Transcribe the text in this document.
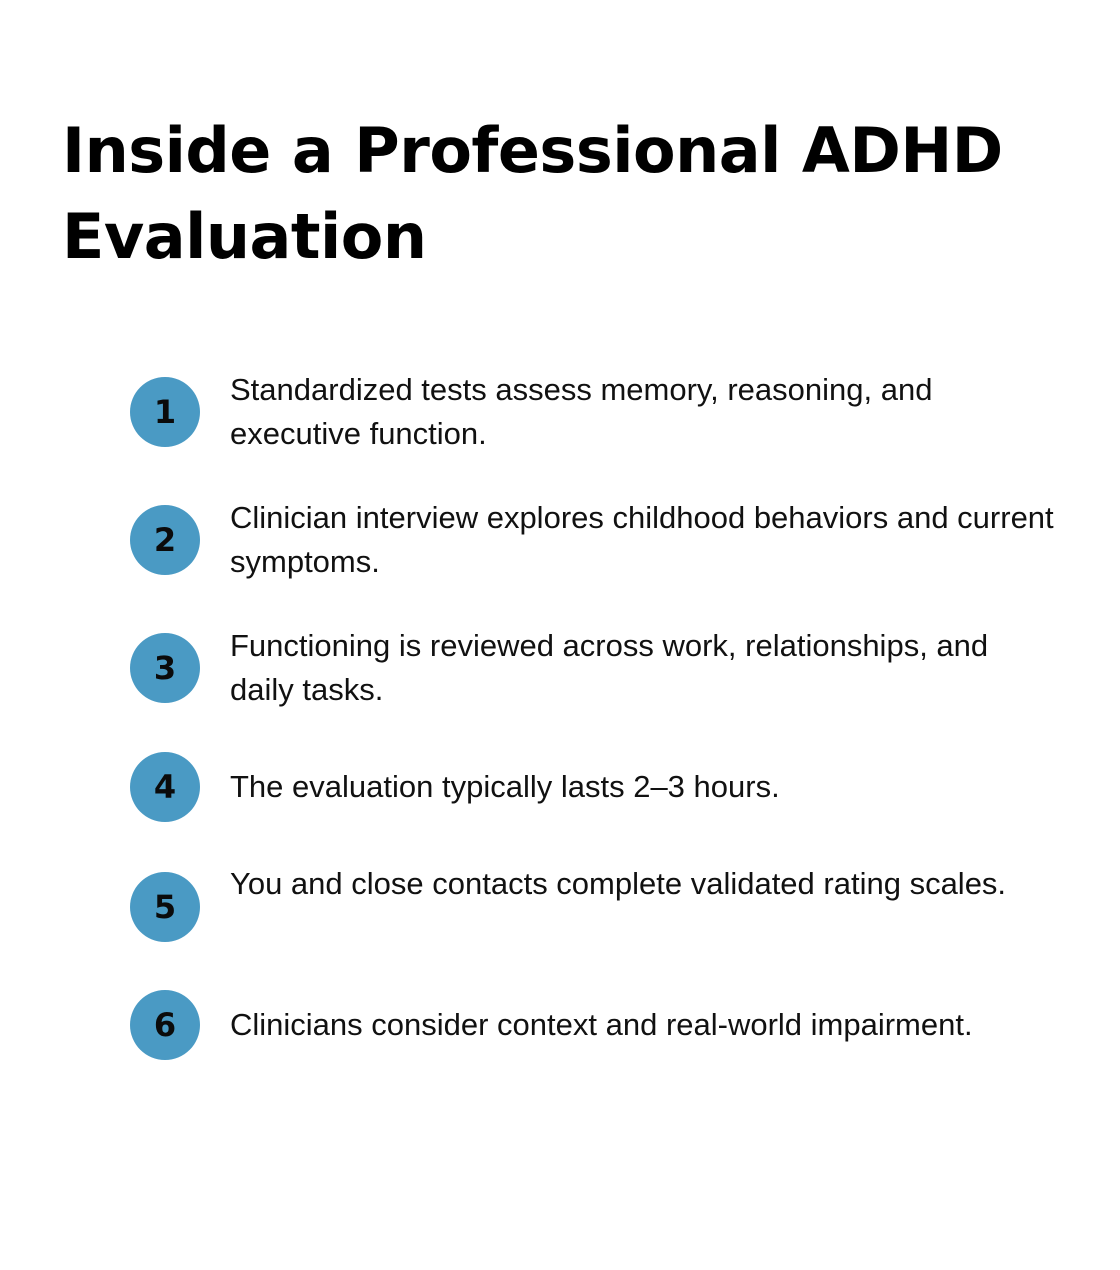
Inside a Professional ADHD Evaluation
1
Standardized tests assess memory, reasoning, and executive function.
2
Clinician interview explores childhood behaviors and current symptoms.
3
Functioning is reviewed across work, relationships, and daily tasks.
4	The evaluation typically lasts 2–3 hours.
5
You and close contacts complete validated rating scales.
6	Clinicians consider context and real-world impairment.
